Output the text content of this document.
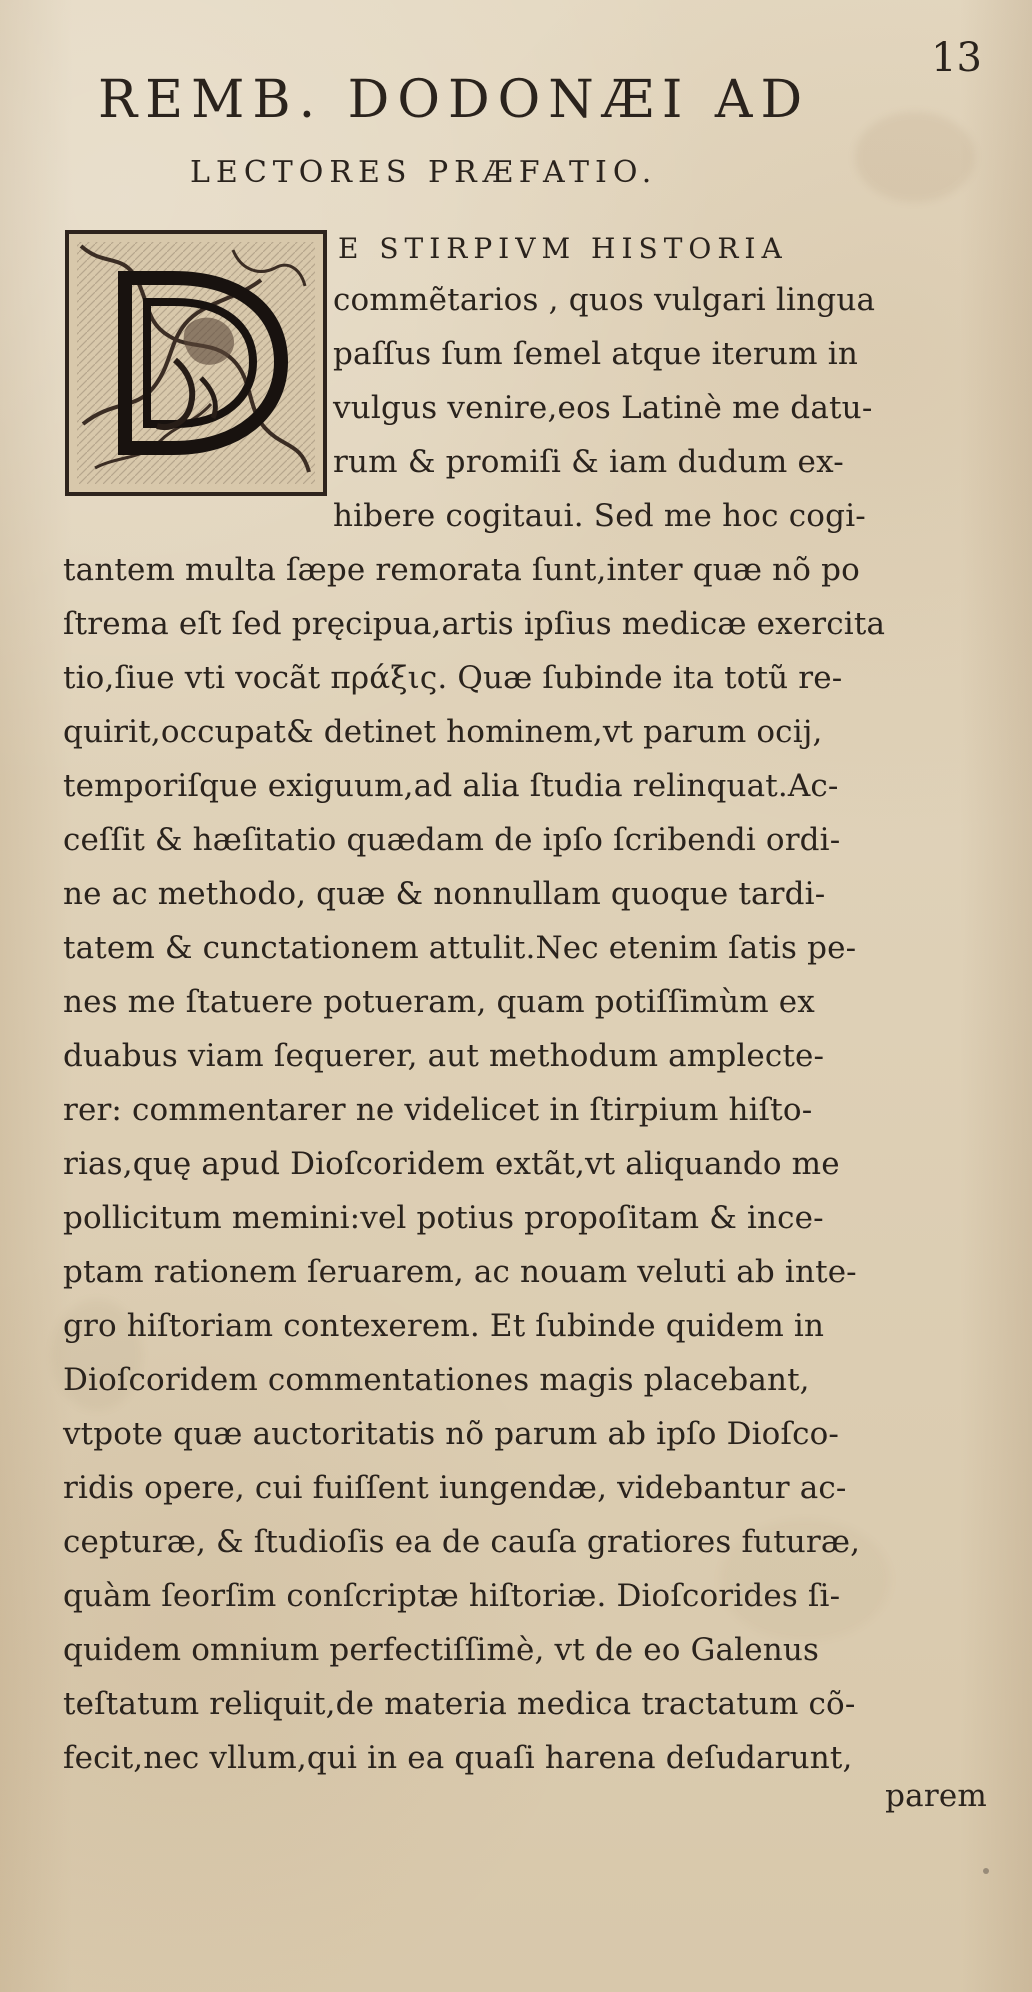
13
REMB. DODONÆI AD
LECTORES PRÆFATIO.
E STIRPIVM HISTORIA
commẽtarios , quos vulgari lingua
paſſus ſum ſemel atque iterum in
vulgus venire,eos Latinè me datu-
rum & promiſi & iam dudum ex-
hibere cogitaui. Sed me hoc cogi-
tantem multa ſæpe remorata ſunt,inter quæ nõ po
ſtrema eſt ſed pręcipua,artis ipſius medicæ exercita
tio,ſiue vti vocãt πράξις. Quæ ſubinde ita totũ re-
quirit,occupat& detinet hominem,vt parum ocij,
temporiſque exiguum,ad alia ſtudia relinquat.Ac-
ceſſit & hæſitatio quædam de ipſo ſcribendi ordi-
ne ac methodo, quæ & nonnullam quoque tardi-
tatem & cunctationem attulit.Nec etenim ſatis pe-
nes me ſtatuere potueram, quam potiſſimùm ex
duabus viam ſequerer, aut methodum amplecte-
rer: commentarer ne videlicet in ſtirpium hiſto-
rias,quę apud Dioſcoridem extãt,vt aliquando me
pollicitum memini:vel potius propoſitam & ince-
ptam rationem ſeruarem, ac nouam veluti ab inte-
gro hiſtoriam contexerem. Et ſubinde quidem in
Dioſcoridem commentationes magis placebant,
vtpote quæ auctoritatis nõ parum ab ipſo Dioſco-
ridis opere, cui fuiſſent iungendæ, videbantur ac-
cepturæ, & ſtudioſis ea de cauſa gratiores futuræ,
quàm ſeorſim conſcriptæ hiſtoriæ. Dioſcorides ſi-
quidem omnium perfectiſſimè, vt de eo Galenus
teſtatum reliquit,de materia medica tractatum cõ-
fecit,nec vllum,qui in ea quaſi harena deſudarunt,
parem
